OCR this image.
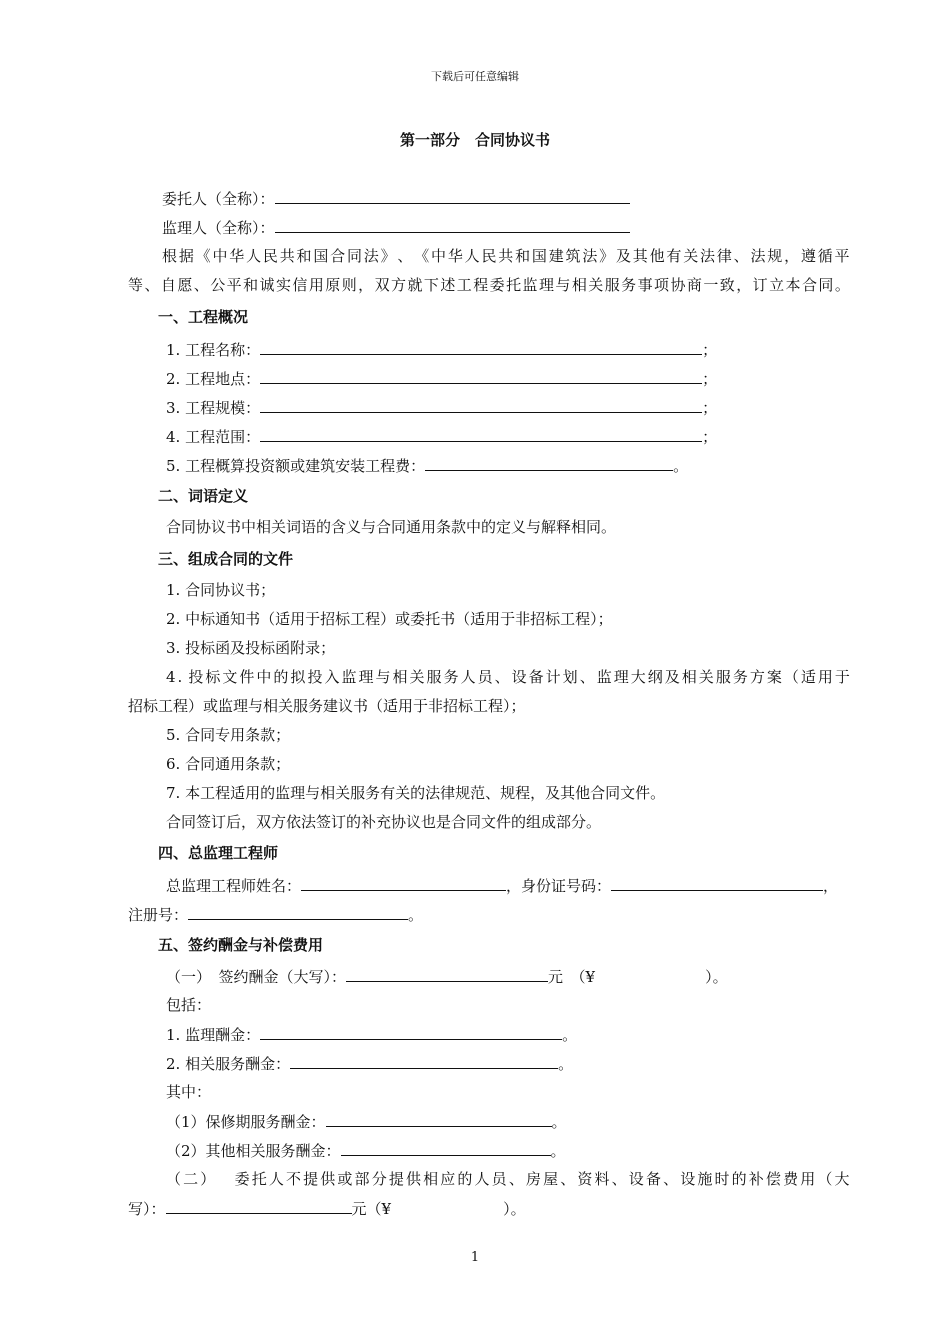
下载后可任意编辑
第一部分　合同协议书
委托人（全称）：
监理人（全称）：
根 据 《 中 华 人 民 共 和 国 合 同 法 》 、 《 中 华 人 民 共 和 国 建 筑 法 》 及 其 他 有 关 法 律 、 法 规 ， 遵 循 平
等 、 自 愿 、 公 平 和 诚 实 信 用 原 则 ， 双 方 就 下 述 工 程 委 托 监 理 与 相 关 服 务 事 项 协 商 一 致 ， 订 立 本 合 同 。
一、工程概况
1. 工程名称：	；
2. 工程地点：	；
3. 工程规模：	；
4. 工程范围：	；
5. 工程概算投资额或建筑安装工程费：	。
二、词语定义
合同协议书中相关词语的含义与合同通用条款中的定义与解释相同。
三、组成合同的文件
1. 合同协议书；
2. 中标通知书（适用于招标工程）或委托书（适用于非招标工程）；
3. 投标函及投标函附录；
4 . 投 标 文 件 中 的 拟 投 入 监 理 与 相 关 服 务 人 员 、 设 备 计 划 、 监 理 大 纲 及 相 关 服 务 方 案 （ 适 用 于
招标工程）或监理与相关服务建议书（适用于非招标工程）；
5. 合同专用条款；
6. 合同通用条款；
7. 本工程适用的监理与相关服务有关的法律规范、规程，及其他合同文件。
合同签订后，双方依法签订的补充协议也是合同文件的组成部分。
四、总监理工程师
总监理工程师姓名：	，身份证号码：	，
注册号：	。
五、签约酬金与补偿费用
（一）　签约酬金（大写）：	元　（¥	）。
包括：
1. 监理酬金：	。
2. 相关服务酬金：	。
其中：
（1）保修期服务酬金：	。
（2）其他相关服务酬金：	。
（ 二 ）
　 委 托 人 不 提 供 或 部 分 提 供 相 应 的 人 员 、 房 屋 、 资 料 、 设 备 、 设 施 时 的 补 偿 费 用 （ 大
写）：	元（¥	）。
1
